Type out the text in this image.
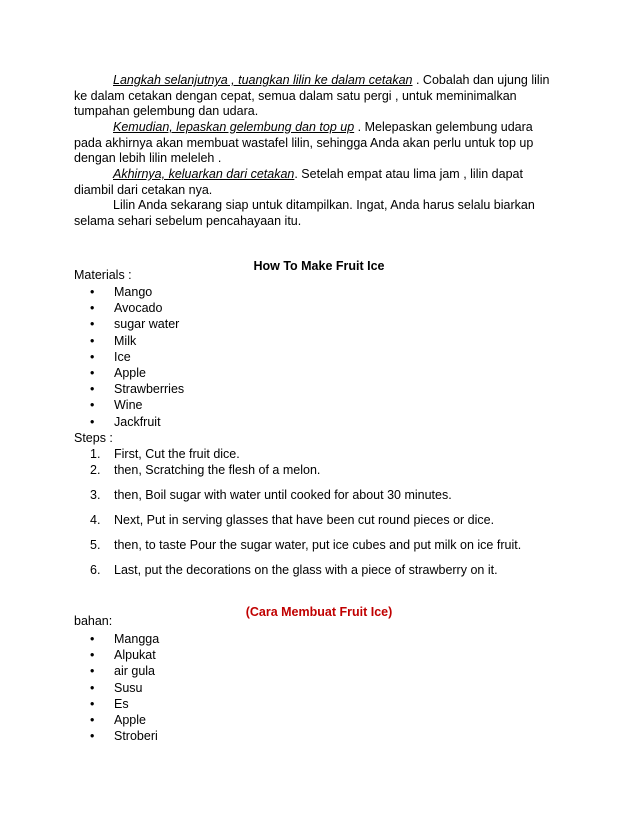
Langkah selanjutnya , tuangkan lilin ke dalam cetakan . Cobalah dan ujung lilin
ke dalam cetakan dengan cepat, semua dalam satu pergi , untuk meminimalkan
tumpahan gelembung dan udara.

Kemudian, lepaskan gelembung dan top up . Melepaskan gelembung udara
pada akhirnya akan membuat wastafel lilin, sehingga Anda akan perlu untuk top up
dengan lebih lilin meleleh .

Akhirnya, keluarkan dari cetakan. Setelah empat atau lima jam , lilin dapat
diambil dari cetakan nya.

Lilin Anda sekarang siap untuk ditampilkan. Ingat, Anda harus selalu biarkan
selama sehari sebelum pencahayaan itu.

How To Make Fruit Ice

Materials :

• Mango
• Avocado
• sugar water
• Milk
• Ice
• Apple
• Strawberries
• Wine
• Jackfruit

Steps :

1. First, Cut the fruit dice.
2. then, Scratching the flesh of a melon.
3. then, Boil sugar with water until cooked for about 30 minutes.
4. Next, Put in serving glasses that have been cut round pieces or dice.
5. then, to taste Pour the sugar water, put ice cubes and put milk on ice fruit.
6. Last, put the decorations on the glass with a piece of strawberry on it.

(Cara Membuat Fruit Ice)

bahan:

• Mangga
• Alpukat
• air gula
• Susu
• Es
• Apple
• Stroberi
